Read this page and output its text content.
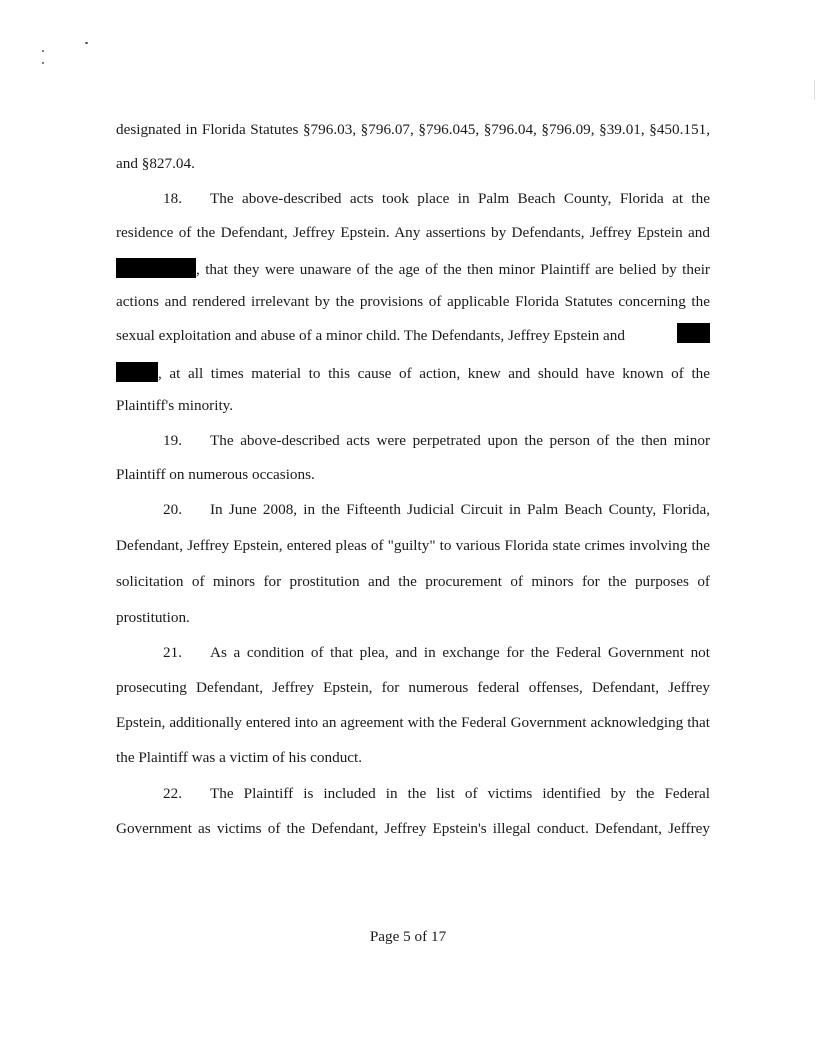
designated in Florida Statutes §796.03, §796.07, §796.045, §796.04, §796.09, §39.01, §450.151,
and §827.04.
18. The above-described acts took place in Palm Beach County, Florida at the
residence of the Defendant, Jeffrey Epstein. Any assertions by Defendants, Jeffrey Epstein and
, that they were unaware of the age of the then minor Plaintiff are belied by their
actions and rendered irrelevant by the provisions of applicable Florida Statutes concerning the
sexual exploitation and abuse of a minor child. The Defendants, Jeffrey Epstein and
, at all times material to this cause of action, knew and should have known of the
Plaintiff's minority.
19. The above-described acts were perpetrated upon the person of the then minor
Plaintiff on numerous occasions.
20. In June 2008, in the Fifteenth Judicial Circuit in Palm Beach County, Florida,
Defendant, Jeffrey Epstein, entered pleas of "guilty" to various Florida state crimes involving the
solicitation of minors for prostitution and the procurement of minors for the purposes of
prostitution.
21. As a condition of that plea, and in exchange for the Federal Government not
prosecuting Defendant, Jeffrey Epstein, for numerous federal offenses, Defendant, Jeffrey
Epstein, additionally entered into an agreement with the Federal Government acknowledging that
the Plaintiff was a victim of his conduct.
22. The Plaintiff is included in the list of victims identified by the Federal
Government as victims of the Defendant, Jeffrey Epstein's illegal conduct. Defendant, Jeffrey
Page 5 of 17
